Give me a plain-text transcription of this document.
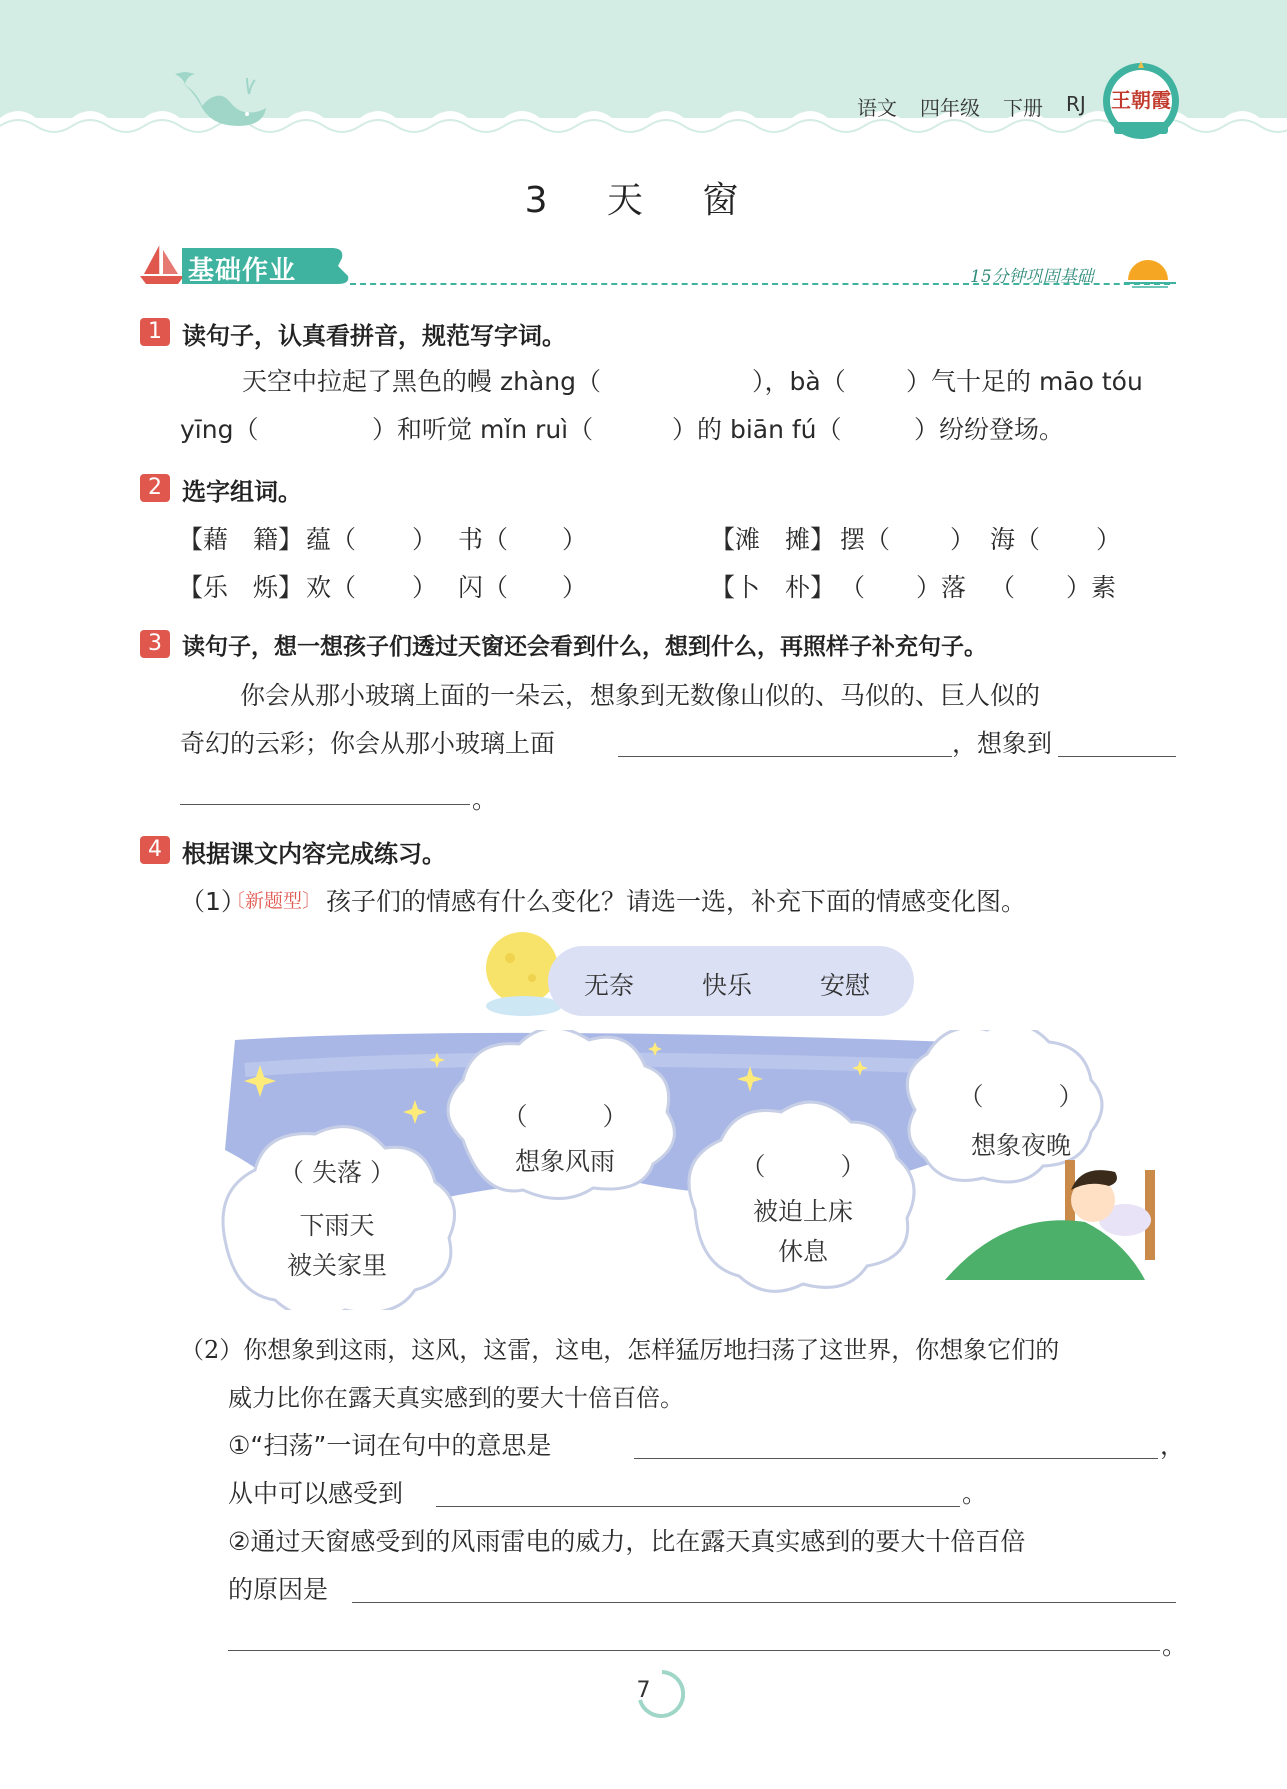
语文 四年级 下册 RJ	王朝霞
3 天 窗
基础作业	15分钟巩固基础
1 读句子，认真看拼音，规范写字词。
天空中拉起了黑色的幔 zhàng（	），bà（ ）气十足的 māo tóu
yīng（	）和听觉 mǐn ruì（	）的 biān fú（	）纷纷登场。
2 选字组词。
【藉　籍】 蕴（ ） 书（ ）	【滩　摊】 摆（ ） 海（ ）
【乐　烁】 欢（ ） 闪（ ）	【卜　朴】 （ ）落 （ ）素
3 读句子，想一想孩子们透过天窗还会看到什么，想到什么，再照样子补充句子。
你会从那小玻璃上面的一朵云，想象到无数像山似的、马似的、巨人似的
奇幻的云彩；你会从那小玻璃上面	，想象到
。
4 根据课文内容完成练习。
（1）
〔新题型〕 孩子们的情感有什么变化？请选一选，补充下面的情感变化图。
无奈	快乐	安慰
（ 失落 ）
下雨天
被关家里
（　　　）
想象风雨	（　　　）
被迫上床
休息
（　　　）
想象夜晚
（2）你想象到这雨，这风，这雷，这电，怎样猛厉地扫荡了这世界，你想象它们的
威力比你在露天真实感到的要大十倍百倍。
①“扫荡”一词在句中的意思是	，
从中可以感受到	。
②通过天窗感受到的风雨雷电的威力，比在露天真实感到的要大十倍百倍
的原因是
。
7
